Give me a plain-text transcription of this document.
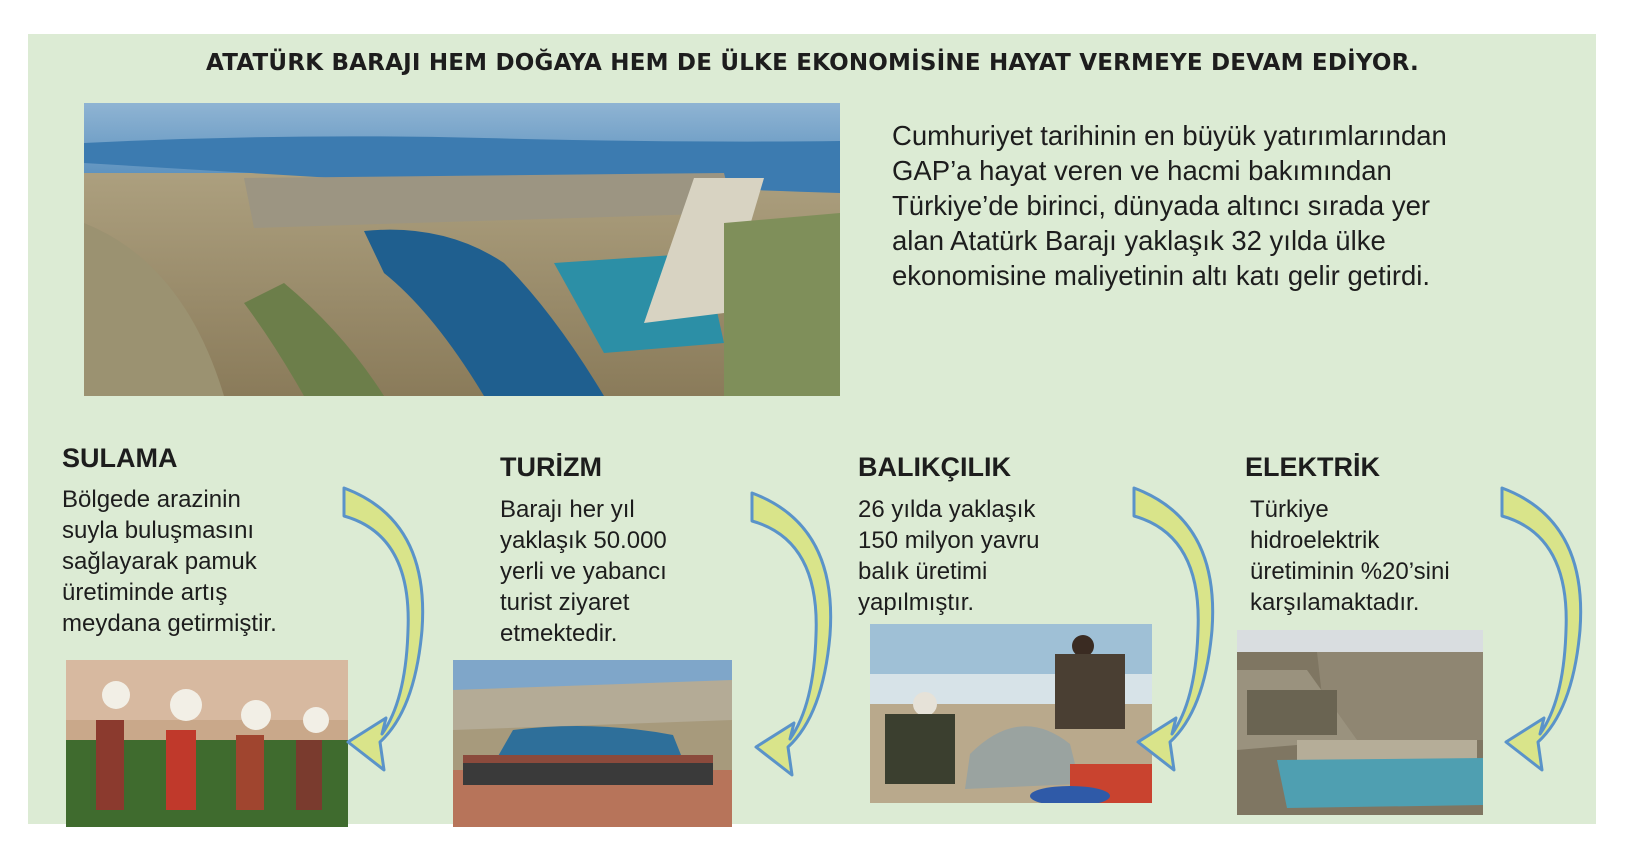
ATATÜRK BARAJI HEM DOĞAYA HEM DE ÜLKE EKONOMİSİNE HAYAT VERMEYE DEVAM EDİYOR.
Cumhuriyet tarihinin en büyük yatırımlarından
GAP’a hayat veren ve hacmi bakımından
Türkiye’de birinci, dünyada altıncı sırada yer
alan Atatürk Barajı yaklaşık 32 yılda ülke
ekonomisine maliyetinin altı katı gelir getirdi.
SULAMA
Bölgede arazinin
suyla buluşmasını
sağlayarak pamuk
üretiminde artış
meydana getirmiştir.
TURİZM
Barajı her yıl
yaklaşık 50.000
yerli ve yabancı
turist ziyaret
etmektedir.
BALIKÇILIK
26 yılda yaklaşık
150 milyon yavru
balık üretimi
yapılmıştır.
ELEKTRİK
Türkiye
hidroelektrik
üretiminin %20’sini
karşılamaktadır.
